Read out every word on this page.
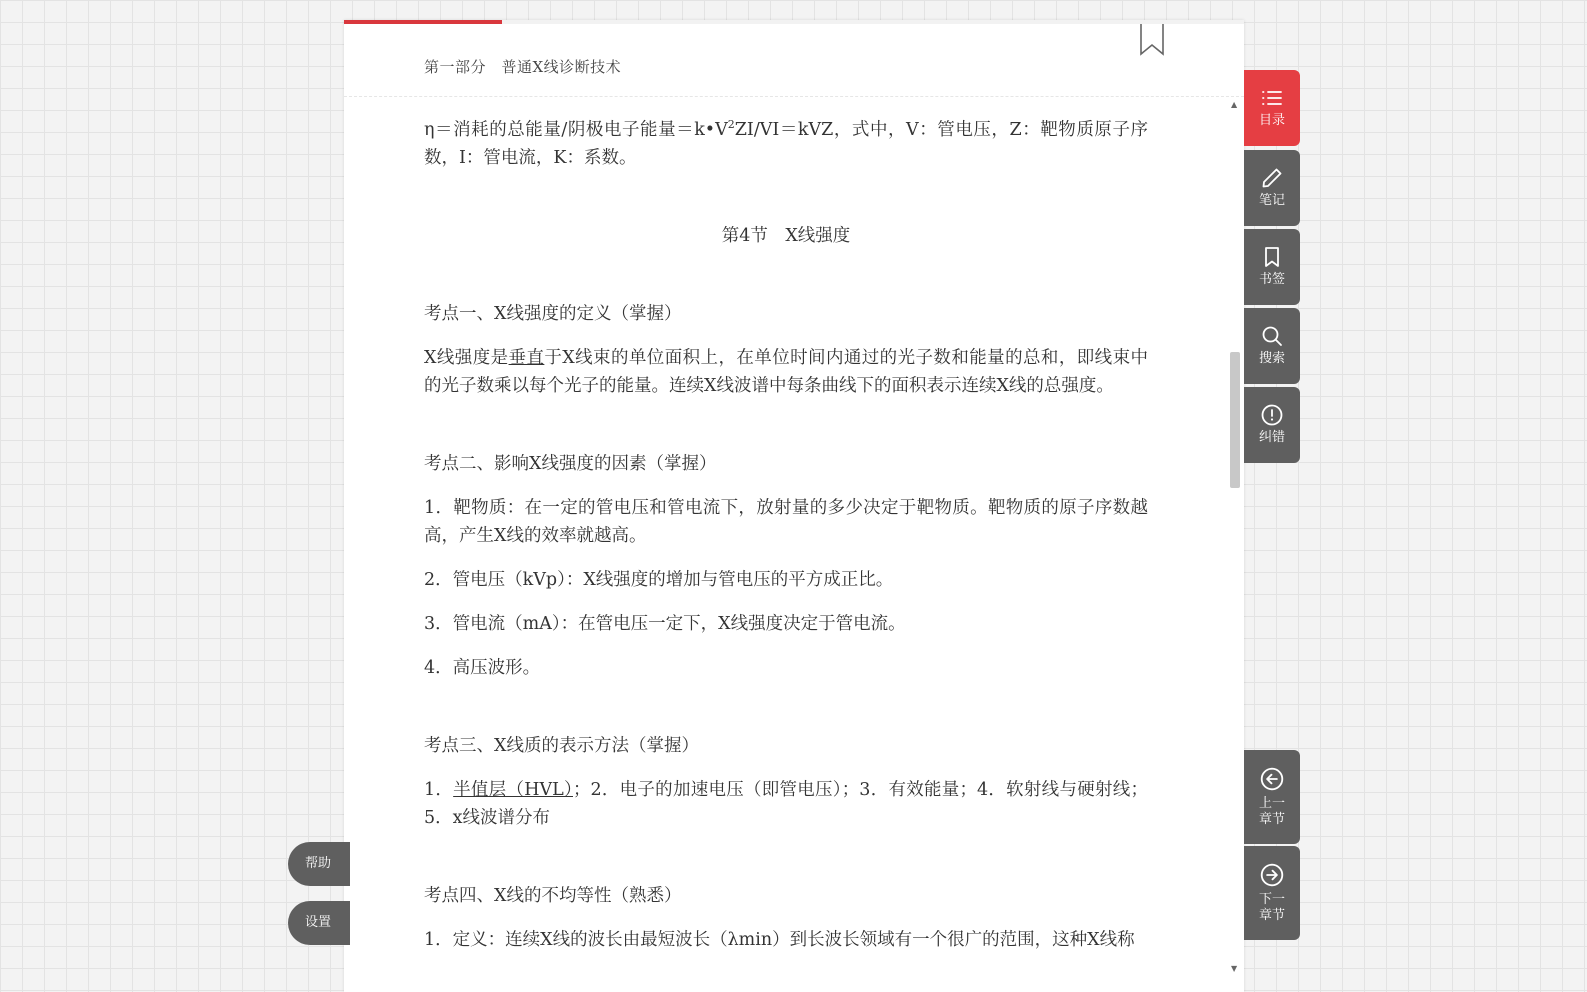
第一部分　普通X线诊断技术

η＝消耗的总能量/阴极电子能量$=k•V^2ZI/VI=kVZ$，式中，V：管电压，Z：靶物质原子序数，I：管电流，K：系数。

第4节　X线强度

考点一、X线强度的定义（掌握）

X线强度是垂直于X线束的单位面积上，在单位时间内通过的光子数和能量的总和，即线束中的光子数乘以每个光子的能量。连续X线波谱中每条曲线下的面积表示连续X线的总强度。

考点二、影响X线强度的因素（掌握）

1．靶物质：在一定的管电压和管电流下，放射量的多少决定于靶物质。靶物质的原子序数越高，产生X线的效率就越高。

2．管电压（kVp）：X线强度的增加与管电压的平方成正比。

3．管电流（mA）：在管电压一定下，X线强度决定于管电流。

4．高压波形。

考点三、X线质的表示方法（掌握）

1．半值层（HVL）；2．电子的加速电压（即管电压）；3．有效能量；4．软射线与硬射线；5．x线波谱分布

考点四、X线的不均等性（熟悉）

1．定义：连续X线的波长由最短波长（λmin）到长波长领域有一个很广的范围，这种X线称

▲
▼
目录
笔记
书签
搜索
纠错
上一
章节
下一
章节
帮助
设置
